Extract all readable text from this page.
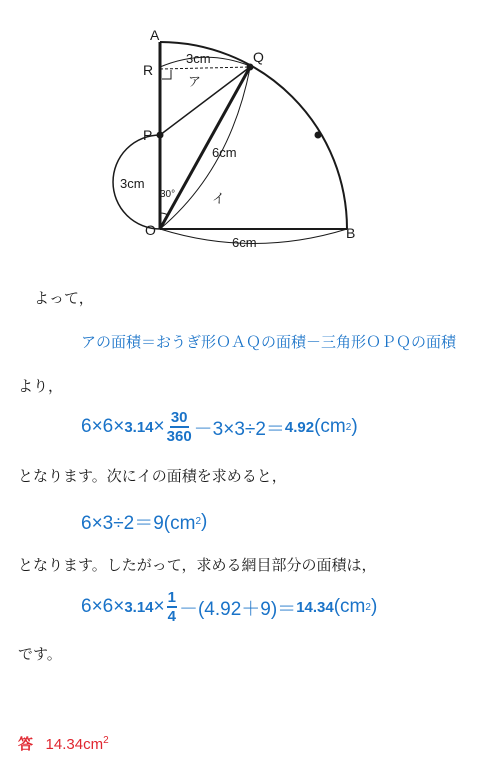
A
R
P
O
Q
B
3cm
6cm
3cm
6cm
ア
イ
30°
よって，
アの面積＝おうぎ形ＯＡＱの面積－三角形ＯＰＱの面積
より，
$6\times 6\times 3.14 \times \frac{30}{360} -3\times 3\div 2= 4.92$ (cm 2 )
となります。次にイの面積を求めると，
6×3÷2＝9(cm 2 )
となります。したがって，求める網目部分の面積は，
$6\times 6\times 3.14 \times \frac{1}{4} -(4.92+9)= 14.34$ (cm 2 )
です。
答 $14.34cm^2$
